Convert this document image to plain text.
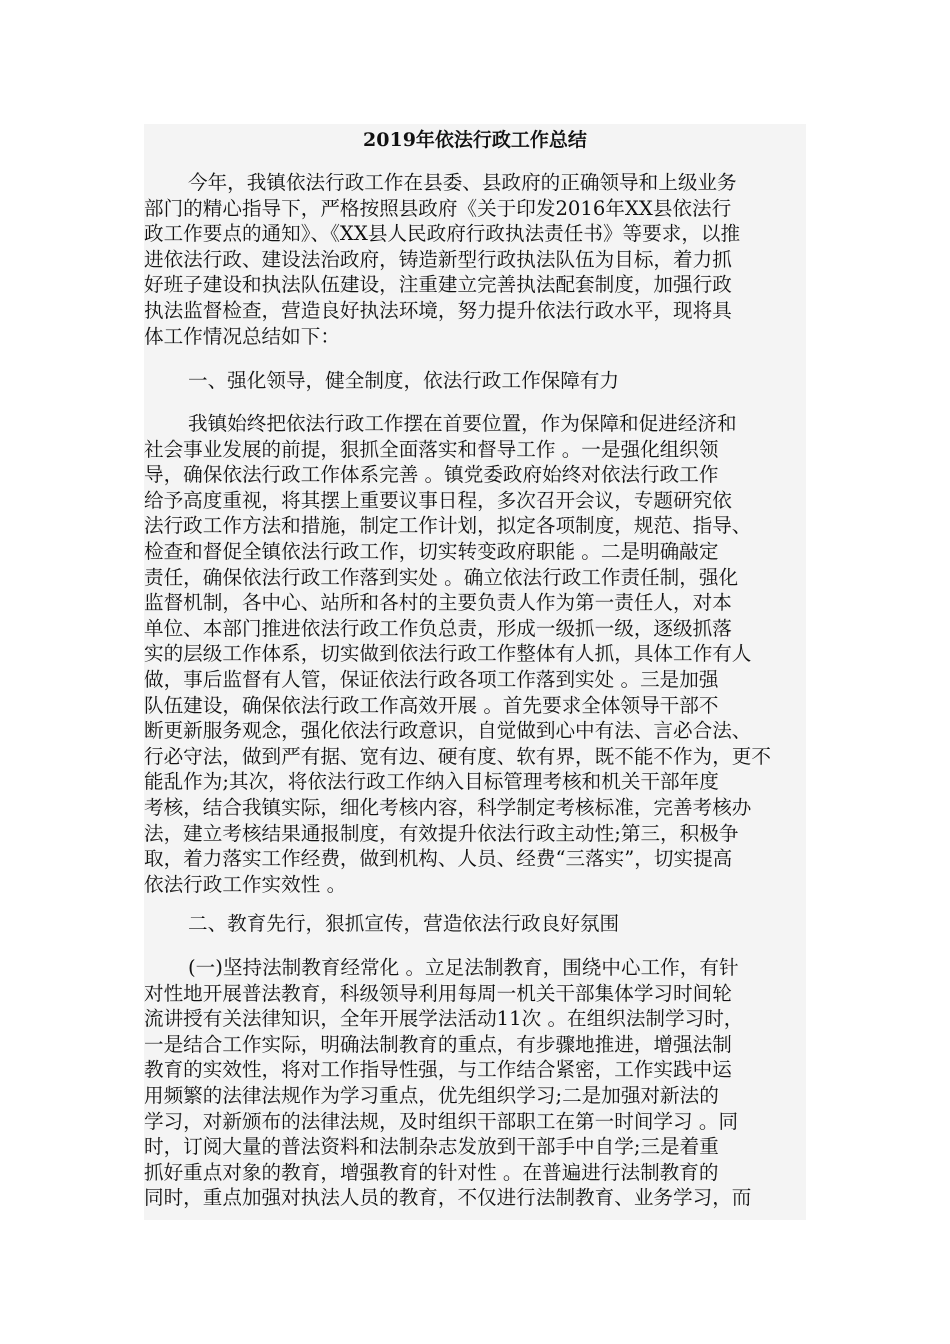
2019年依法行政工作总结

今年，我镇依法行政工作在县委、县政府的正确领导和上级业务
部门的精心指导下，严格按照县政府《关于印发2016年XX县依法行
政工作要点的通知》、《XX县人民政府行政执法责任书》等要求，以推
进依法行政、建设法治政府，铸造新型行政执法队伍为目标，着力抓
好班子建设和执法队伍建设，注重建立完善执法配套制度，加强行政
执法监督检查，营造良好执法环境，努力提升依法行政水平，现将具
体工作情况总结如下：

一、强化领导，健全制度，依法行政工作保障有力

我镇始终把依法行政工作摆在首要位置，作为保障和促进经济和
社会事业发展的前提，狠抓全面落实和督导工作 。一是强化组织领
导，确保依法行政工作体系完善 。镇党委政府始终对依法行政工作
给予高度重视，将其摆上重要议事日程，多次召开会议，专题研究依
法行政工作方法和措施，制定工作计划，拟定各项制度，规范、指导、
检查和督促全镇依法行政工作，切实转变政府职能 。二是明确敲定
责任，确保依法行政工作落到实处 。确立依法行政工作责任制，强化
监督机制，各中心、站所和各村的主要负责人作为第一责任人，对本
单位、本部门推进依法行政工作负总责，形成一级抓一级，逐级抓落
实的层级工作体系，切实做到依法行政工作整体有人抓，具体工作有人
做，事后监督有人管，保证依法行政各项工作落到实处 。三是加强
队伍建设，确保依法行政工作高效开展 。首先要求全体领导干部不
断更新服务观念，强化依法行政意识，自觉做到心中有法、言必合法、
行必守法，做到严有据、宽有边、硬有度、软有界，既不能不作为，更不
能乱作为;其次，将依法行政工作纳入目标管理考核和机关干部年度
考核，结合我镇实际，细化考核内容，科学制定考核标准，完善考核办
法，建立考核结果通报制度，有效提升依法行政主动性;第三，积极争
取，着力落实工作经费，做到机构、人员、经费“三落实”，切实提高
依法行政工作实效性 。

二、教育先行，狠抓宣传，营造依法行政良好氛围

(一)坚持法制教育经常化 。立足法制教育，围绕中心工作，有针
对性地开展普法教育，科级领导利用每周一机关干部集体学习时间轮
流讲授有关法律知识，全年开展学法活动11次 。在组织法制学习时，
一是结合工作实际，明确法制教育的重点，有步骤地推进，增强法制
教育的实效性，将对工作指导性强，与工作结合紧密，工作实践中运
用频繁的法律法规作为学习重点，优先组织学习;二是加强对新法的
学习，对新颁布的法律法规，及时组织干部职工在第一时间学习 。同
时，订阅大量的普法资料和法制杂志发放到干部手中自学;三是着重
抓好重点对象的教育，增强教育的针对性 。在普遍进行法制教育的
同时，重点加强对执法人员的教育，不仅进行法制教育、业务学习，而
